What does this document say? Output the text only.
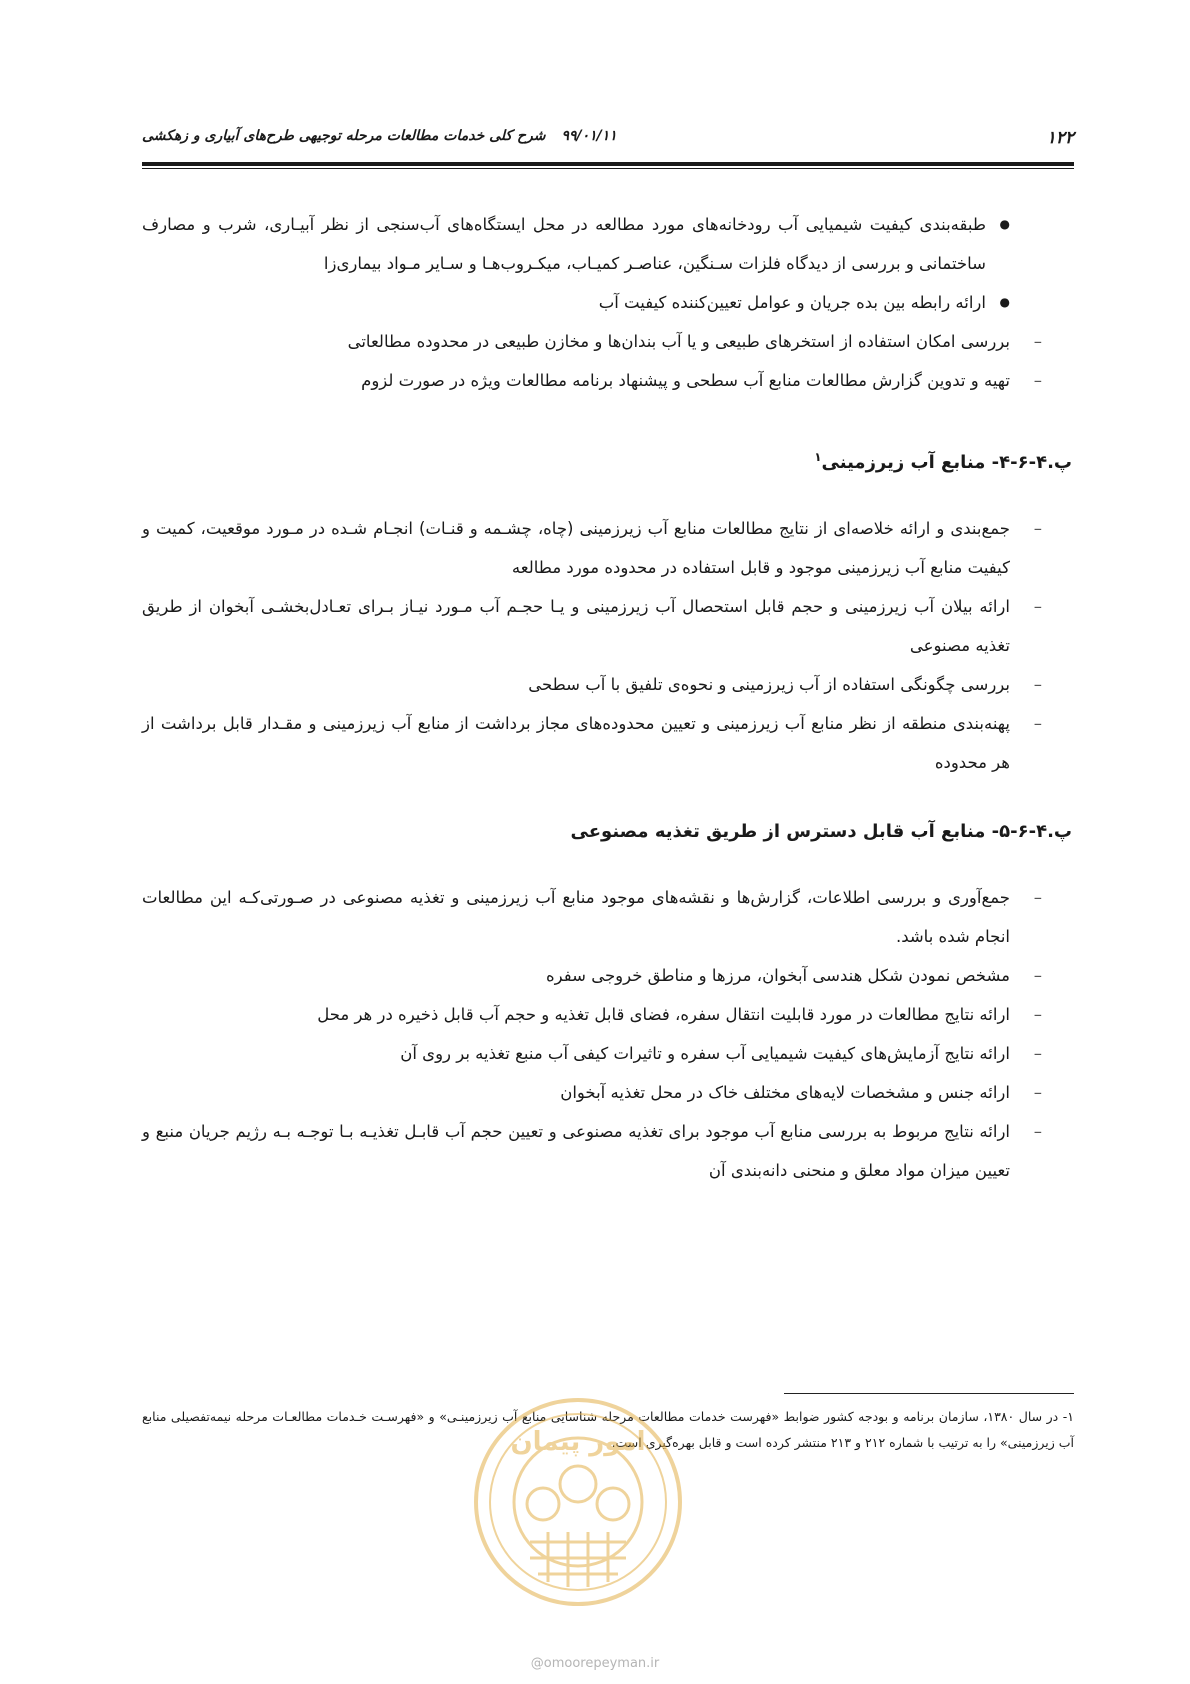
۱۲۲
۹۹/۰۱/۱۱شرح کلی خدمات مطالعات مرحله توجیهی طرح‌های آبیاری و زهکشی
● طبقه‌بندی کیفیت شیمیایی آب رودخانه‌های مورد مطالعه در محل ایستگاه‌های آب‌سنجی از نظر آبیـاری، شرب و مصارف ساختمانی و بررسی از دیدگاه فلزات سـنگین، عناصـر کمیـاب، میکـروب‌هـا و سـایر مـواد بیماری‌زا
● ارائه رابطه بین بده جریان و عوامل تعیین‌کننده کیفیت آب
– بررسی امکان استفاده از استخرهای طبیعی و یا آب بندان‌ها و مخازن طبیعی در محدوده مطالعاتی
– تهیه و تدوین گزارش مطالعات منابع آب سطحی و پیشنهاد برنامه مطالعات ویژه در صورت لزوم
پ.۴-۶-۴- منابع آب زیرزمینی$^۱$
– جمع‌بندی و ارائه خلاصه‌ای از نتایج مطالعات منابع آب زیرزمینی (چاه، چشـمه و قنـات) انجـام شـده در مـورد موقعیت، کمیت و کیفیت منابع آب زیرزمینی موجود و قابل استفاده در محدوده مورد مطالعه
– ارائه بیلان آب زیرزمینی و حجم قابل استحصال آب زیرزمینی و یـا حجـم آب مـورد نیـاز بـرای تعـادل‌بخشـی آبخوان از طریق تغذیه مصنوعی
– بررسی چگونگی استفاده از آب زیرزمینی و نحوه‌ی تلفیق با آب سطحی
– پهنه‌بندی منطقه از نظر منابع آب زیرزمینی و تعیین محدوده‌های مجاز برداشت از منابع آب زیرزمینی و مقـدار قابل برداشت از هر محدوده
پ.۴-۶-۵- منابع آب قابل دسترس از طریق تغذیه مصنوعی
– جمع‌آوری و بررسی اطلاعات، گزارش‌ها و نقشه‌های موجود منابع آب زیرزمینی و تغذیه مصنوعی در صـورتی‌کـه این مطالعات انجام شده باشد.
– مشخص نمودن شکل هندسی آبخوان، مرزها و مناطق خروجی سفره
– ارائه نتایج مطالعات در مورد قابلیت انتقال سفره، فضای قابل تغذیه و حجم آب قابل ذخیره در هر محل
– ارائه نتایج آزمایش‌های کیفیت شیمیایی آب سفره و تاثیرات کیفی آب منبع تغذیه بر روی آن
– ارائه جنس و مشخصات لایه‌های مختلف خاک در محل تغذیه آبخوان
– ارائه نتایج مربوط به بررسی منابع آب موجود برای تغذیه مصنوعی و تعیین حجم آب قابـل تغذیـه بـا توجـه بـه رژیم جریان منبع و تعیین میزان مواد معلق و منحنی دانه‌بندی آن
۱- در سال ۱۳۸۰، سازمان برنامه و بودجه کشور ضوابط «فهرست خدمات مطالعات مرحله شناسایی منابع آب زیرزمینـی» و «فهرسـت خـدمات مطالعـات مرحله نیمه‌تفصیلی منابع آب زیرزمینی» را به ترتیب با شماره ۲۱۲ و ۲۱۳ منتشر کرده است و قابل بهره‌گیری است.
امور پیمان
@omoorepeyman.ir
